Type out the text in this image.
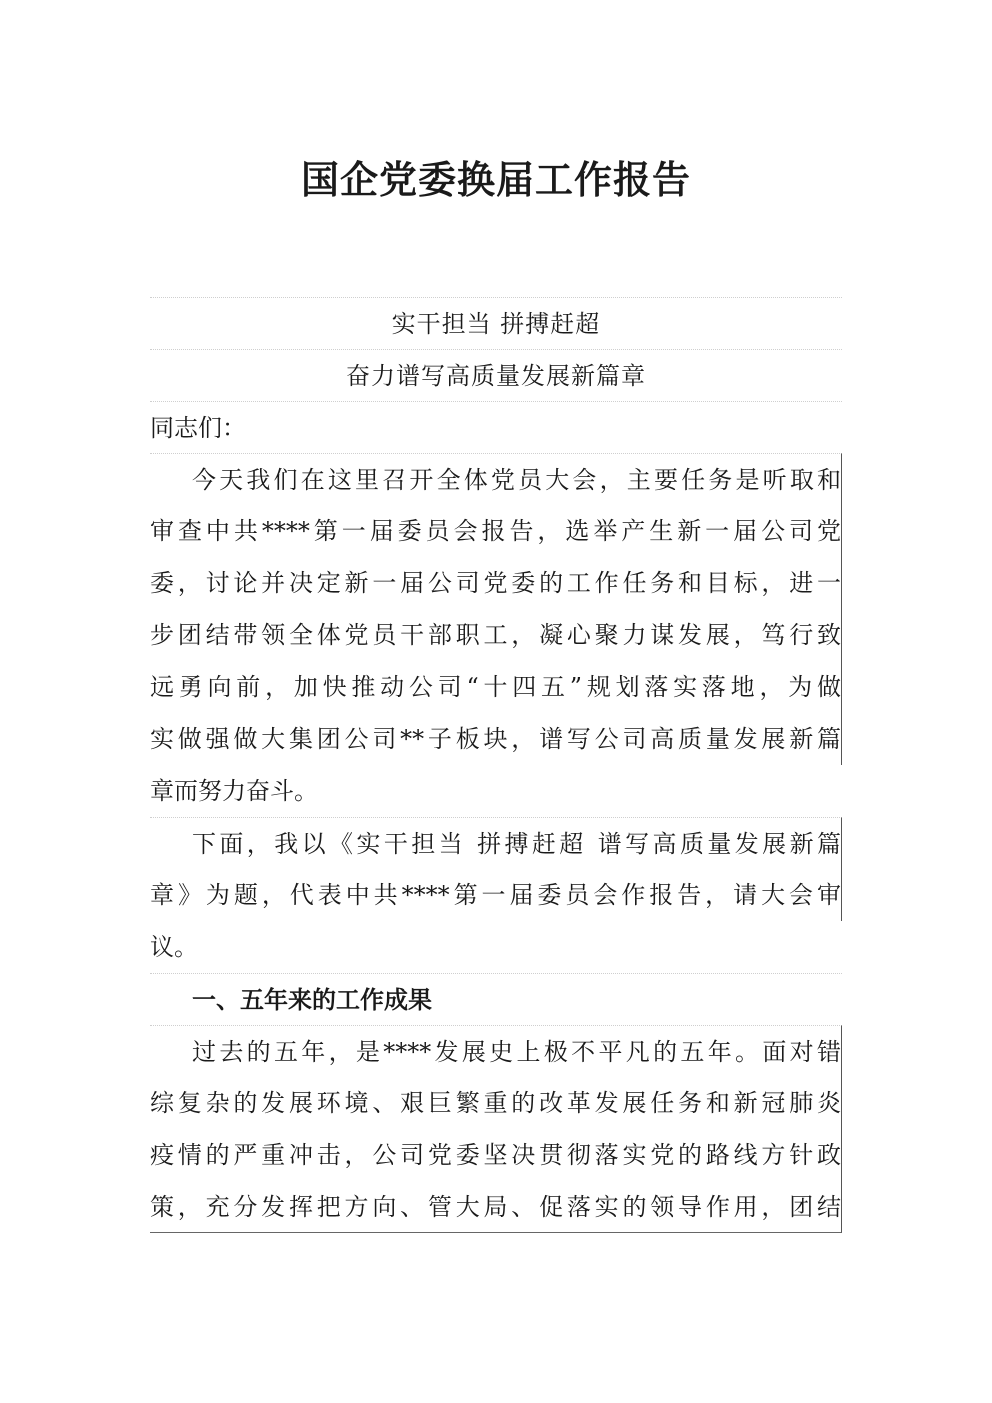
国企党委换届工作报告
实干担当 拼搏赶超
奋力谱写高质量发展新篇章
同志们：
今天我们在这里召开全体党员大会，主要任务是听取和
审查中共****第一届委员会报告，选举产生新一届公司党
委，讨论并决定新一届公司党委的工作任务和目标，进一
步团结带领全体党员干部职工，凝心聚力谋发展，笃行致
远勇向前，加快推动公司“十四五”规划落实落地，为做
实做强做大集团公司**子板块，谱写公司高质量发展新篇
章而努力奋斗。
下面，我以《实干担当 拼搏赶超 谱写高质量发展新篇
章》为题，代表中共****第一届委员会作报告，请大会审
议。
一、五年来的工作成果
过去的五年，是****发展史上极不平凡的五年。面对错
综复杂的发展环境、艰巨繁重的改革发展任务和新冠肺炎
疫情的严重冲击，公司党委坚决贯彻落实党的路线方针政
策，充分发挥把方向、管大局、促落实的领导作用，团结
